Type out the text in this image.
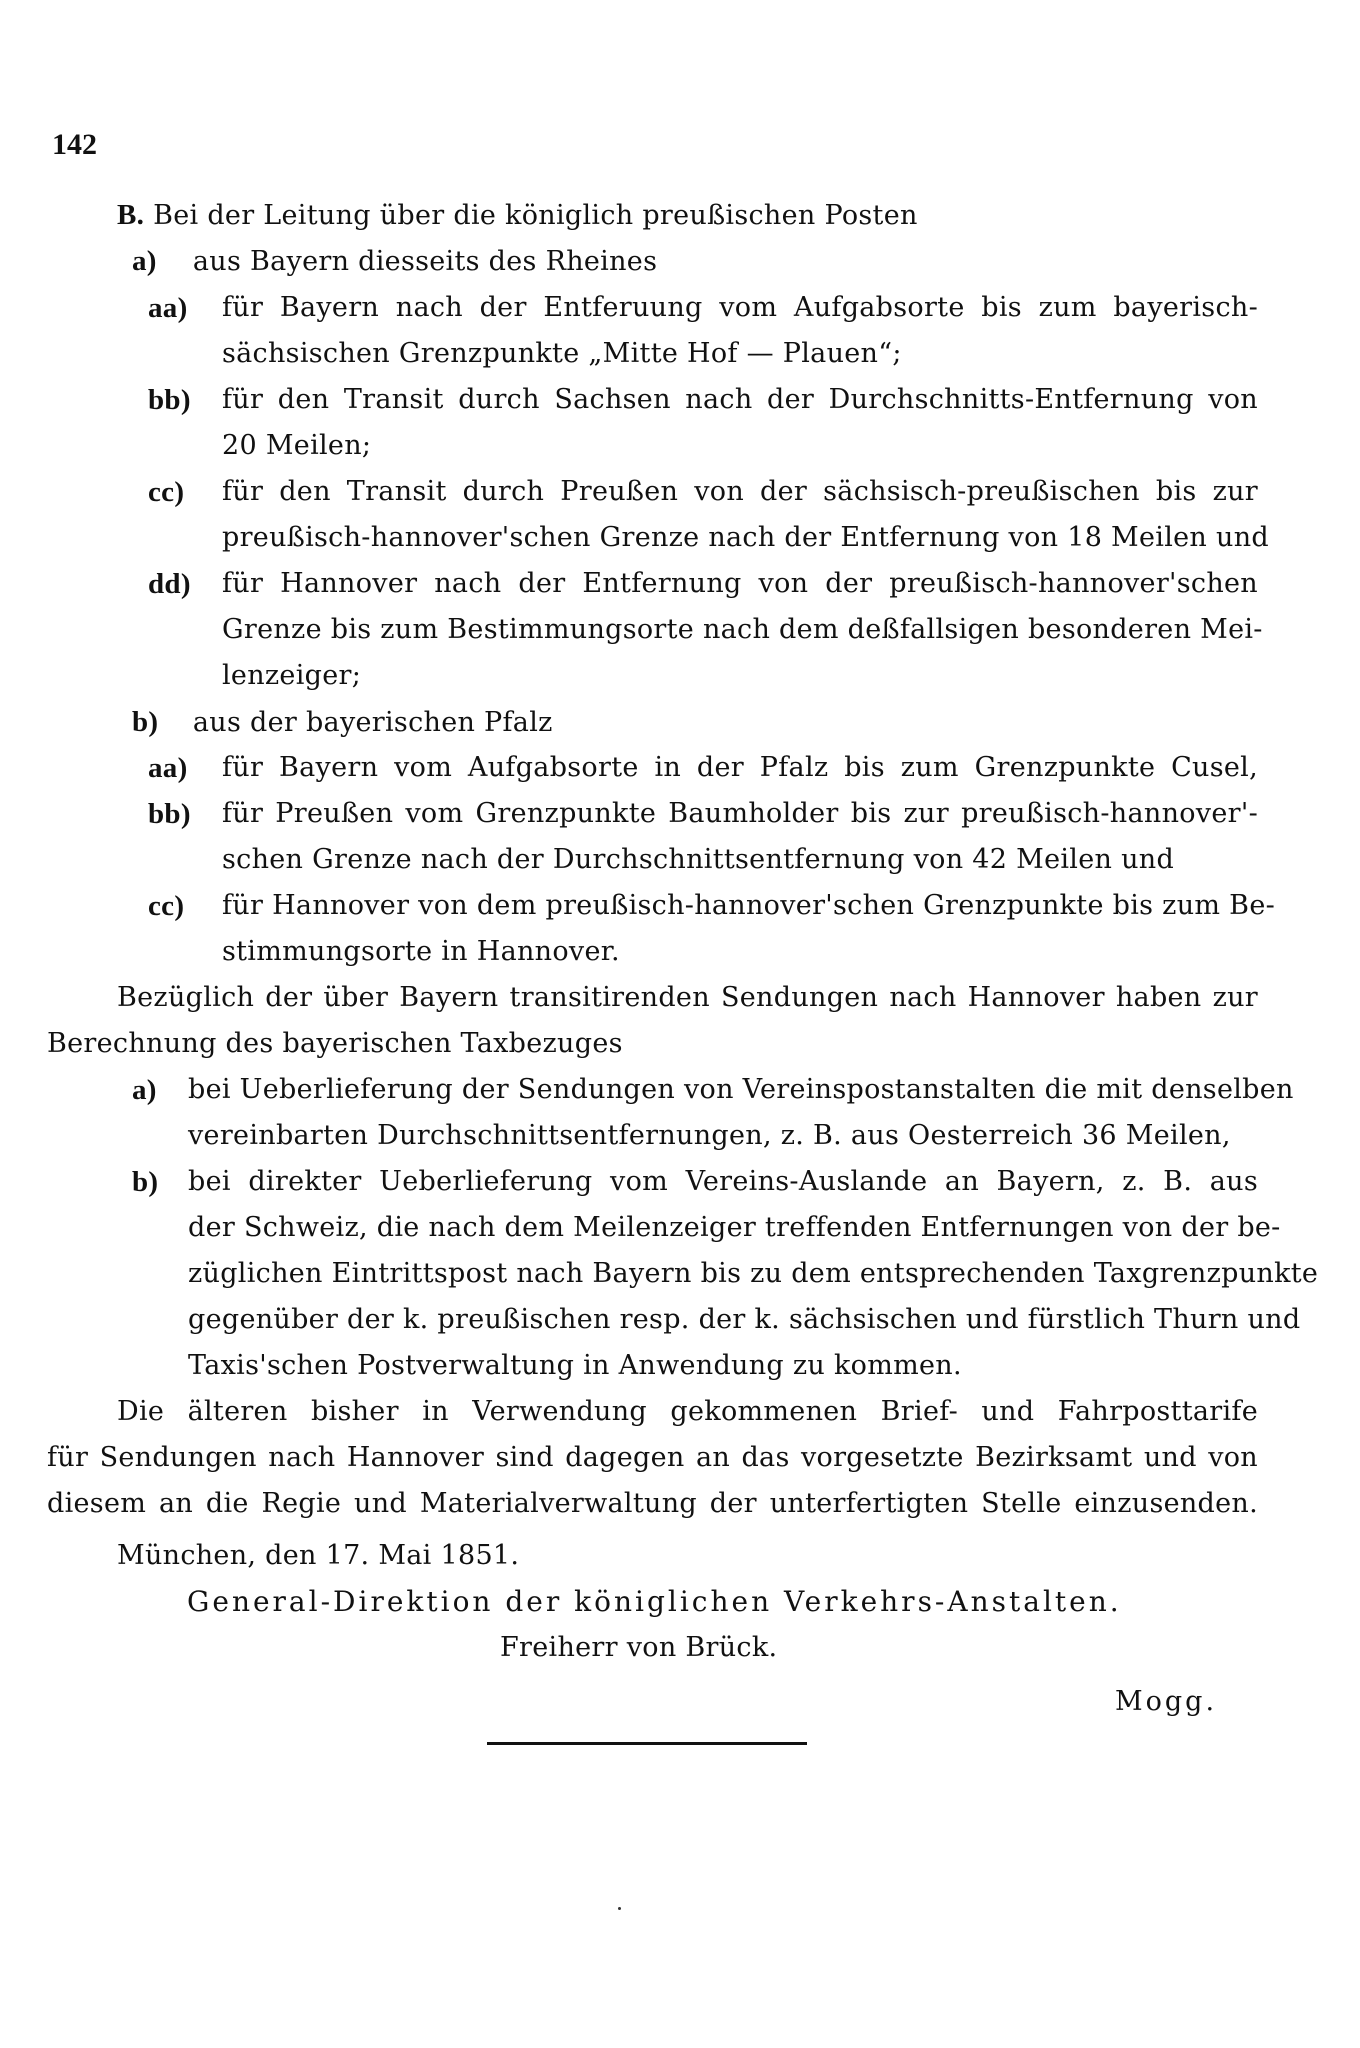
142
B. Bei der Leitung über die königlich preußischen Posten
a) aus Bayern diesseits des Rheines
aa) für Bayern nach der Entferuung vom Aufgabsorte bis zum bayerisch-
sächsischen Grenzpunkte „Mitte Hof — Plauen“;
bb) für den Transit durch Sachsen nach der Durchschnitts-Entfernung von
20 Meilen;
cc) für den Transit durch Preußen von der sächsisch-preußischen bis zur
preußisch-hannover'schen Grenze nach der Entfernung von 18 Meilen und
dd) für Hannover nach der Entfernung von der preußisch-hannover'schen
Grenze bis zum Bestimmungsorte nach dem deßfallsigen besonderen Mei-
lenzeiger;
b) aus der bayerischen Pfalz
aa) für Bayern vom Aufgabsorte in der Pfalz bis zum Grenzpunkte Cusel,
bb) für Preußen vom Grenzpunkte Baumholder bis zur preußisch-hannover'-
schen Grenze nach der Durchschnittsentfernung von 42 Meilen und
cc) für Hannover von dem preußisch-hannover'schen Grenzpunkte bis zum Be-
stimmungsorte in Hannover.
Bezüglich der über Bayern transitirenden Sendungen nach Hannover haben zur
Berechnung des bayerischen Taxbezuges
a) bei Ueberlieferung der Sendungen von Vereinspostanstalten die mit denselben
vereinbarten Durchschnittsentfernungen, z. B. aus Oesterreich 36 Meilen,
b) bei direkter Ueberlieferung vom Vereins-Auslande an Bayern, z. B. aus
der Schweiz, die nach dem Meilenzeiger treffenden Entfernungen von der be-
züglichen Eintrittspost nach Bayern bis zu dem entsprechenden Taxgrenzpunkte
gegenüber der k. preußischen resp. der k. sächsischen und fürstlich Thurn und
Taxis'schen Postverwaltung in Anwendung zu kommen.
Die älteren bisher in Verwendung gekommenen Brief- und Fahrposttarife
für Sendungen nach Hannover sind dagegen an das vorgesetzte Bezirksamt und von
diesem an die Regie und Materialverwaltung der unterfertigten Stelle einzusenden.
München, den 17. Mai 1851.
General-Direktion der königlichen Verkehrs-Anstalten.
Freiherr von Brück.
Mogg.
